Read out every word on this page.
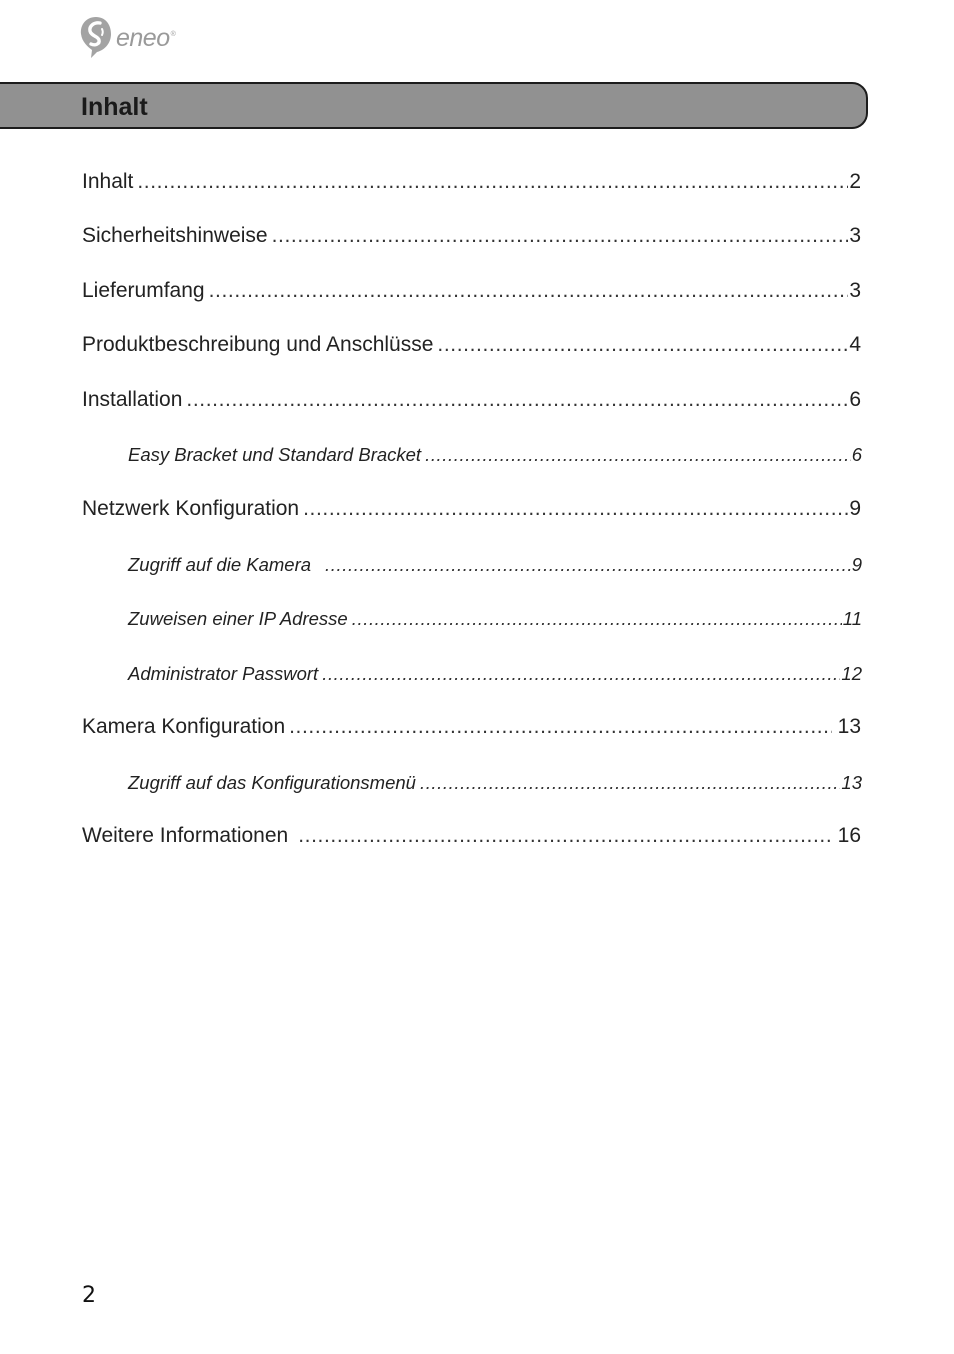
eneo®
Inhalt
Inhalt .....	2
Sicherheitshinweise .....	3
Lieferumfang .....	3
Produktbeschreibung und Anschlüsse .....	4
Installation .....	6
Easy Bracket und Standard Bracket .....	6
Netzwerk Konfiguration .....	9
Zugriff auf die Kamera .....	9
Zuweisen einer IP Adresse .....	11
Administrator Passwort .....	12
Kamera Konfiguration .....	13
Zugriff auf das Konfigurationsmenü .....	13
Weitere Informationen .....	16
2
